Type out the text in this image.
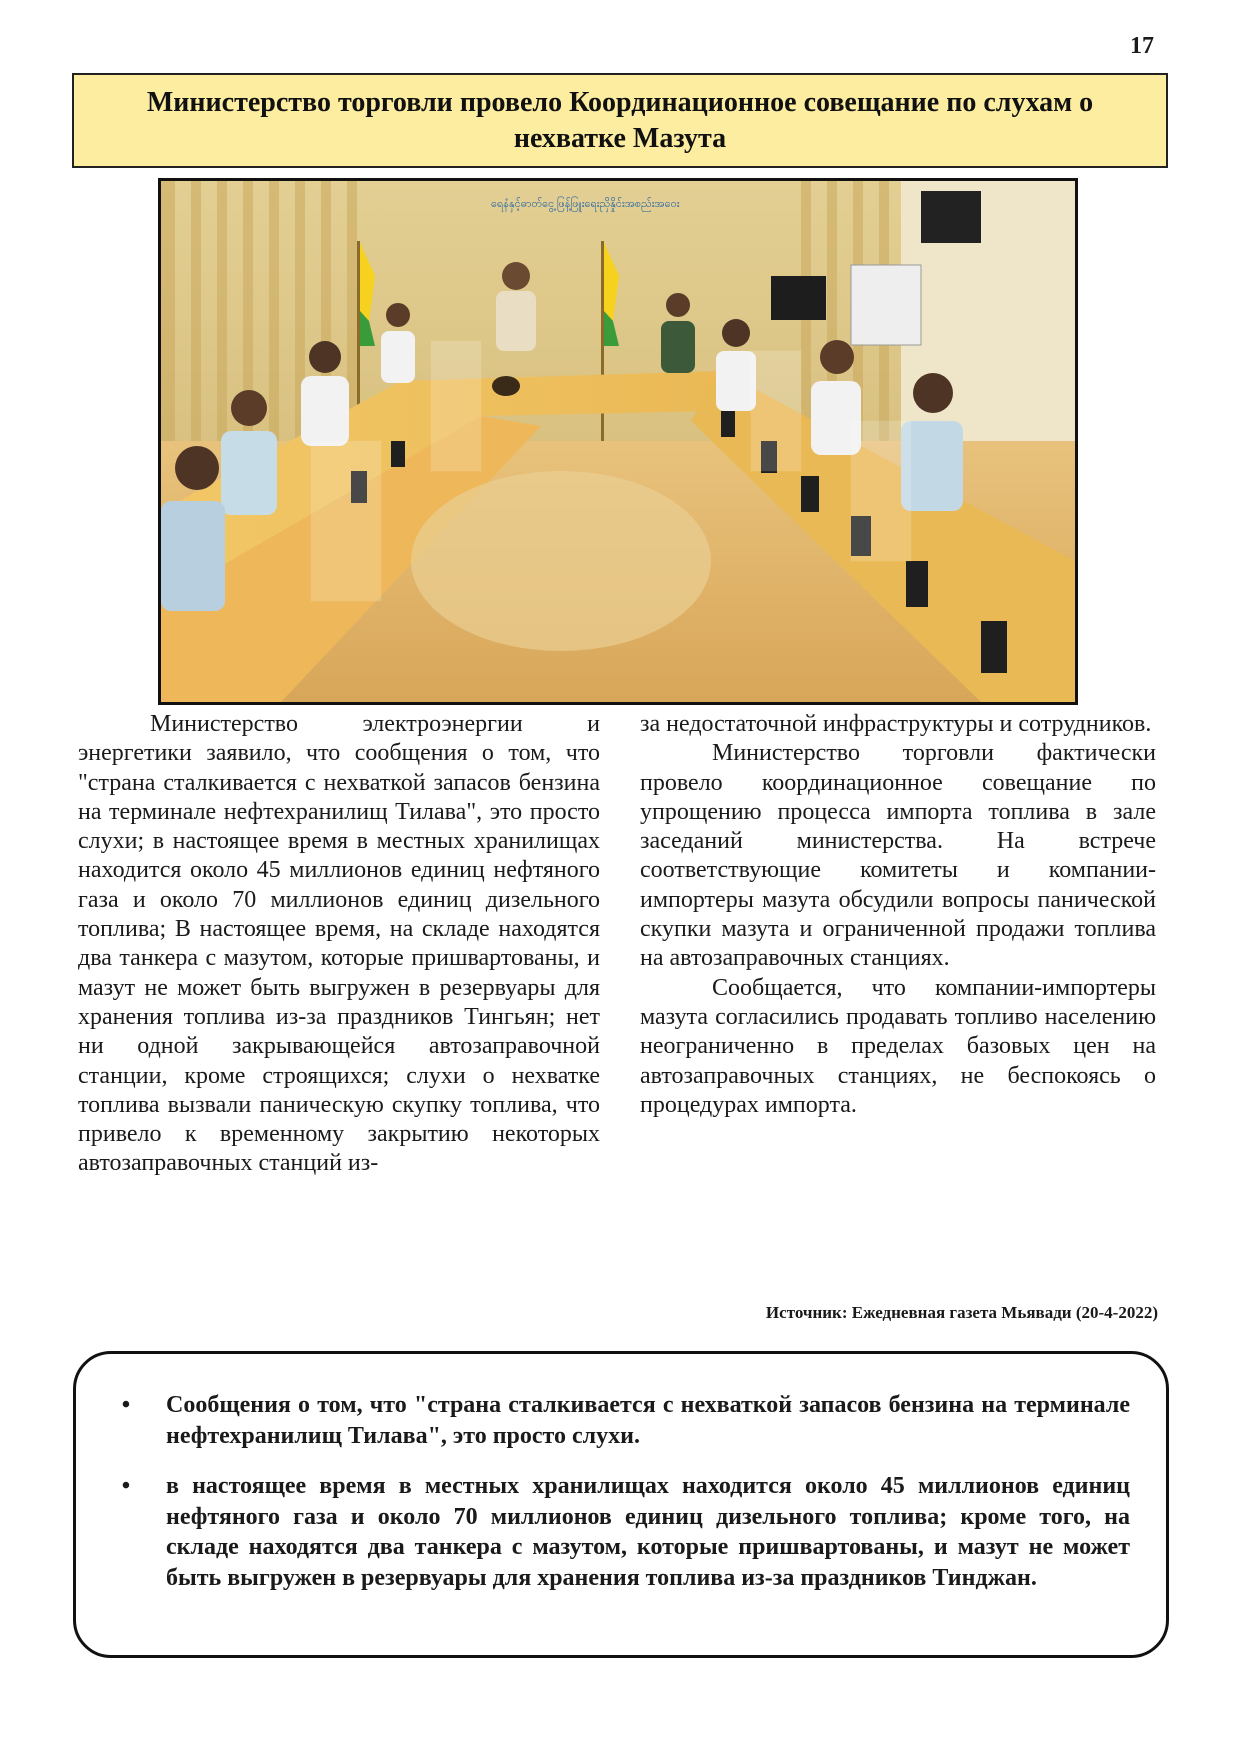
17
Министерство торговли провело Координационное совещание по слухам о нехватке Мазута
ရေနံနှင့်ဓာတ်ငွေ့ဖြန့်ဖြူးရေးညှိနှိုင်းအစည်းအဝေး

Министерство электроэнергии и энергетики заявило, что сообщения о том, что "страна сталкивается с нехваткой запасов бензина на терминале нефтехранилищ Тилава", это просто слухи; в настоящее время в местных хранилищах находится около 45 миллионов единиц нефтяного газа и около 70 миллионов единиц дизельного топлива; В настоящее время, на складе находятся два танкера с мазутом, которые пришвартованы, и мазут не может быть выгружен в резервуары для хранения топлива из-за праздников Тингьян; нет ни одной закрывающейся автозаправочной станции, кроме строящихся; слухи о нехватке топлива вызвали паническую скупку топлива, что привело к временному закрытию некоторых автозаправочных станций из-

за недостаточной инфраструктуры и сотрудников.

Министерство торговли фактически провело координационное совещание по упрощению процесса импорта топлива в зале заседаний министерства. На встрече соответствующие комитеты и компании-импортеры мазута обсудили вопросы панической скупки мазута и ограниченной продажи топлива на автозаправочных станциях.

Сообщается, что компании-импортеры мазута согласились продавать топливо населению неограниченно в пределах базовых цен на автозаправочных станциях, не беспокоясь о процедурах импорта.

Источник: Ежедневная газета Мьявади (20-4-2022)
•	Сообщения о том, что "страна сталкивается с нехваткой запасов бензина на терминале нефтехранилищ Тилава", это просто слухи.
•	в настоящее время в местных хранилищах находится около 45 миллионов единиц нефтяного газа и около 70 миллионов единиц дизельного топлива; кроме того, на складе находятся два танкера с мазутом, которые пришвартованы, и мазут не может быть выгружен в резервуары для хранения топлива из-за праздников Тинджан.
